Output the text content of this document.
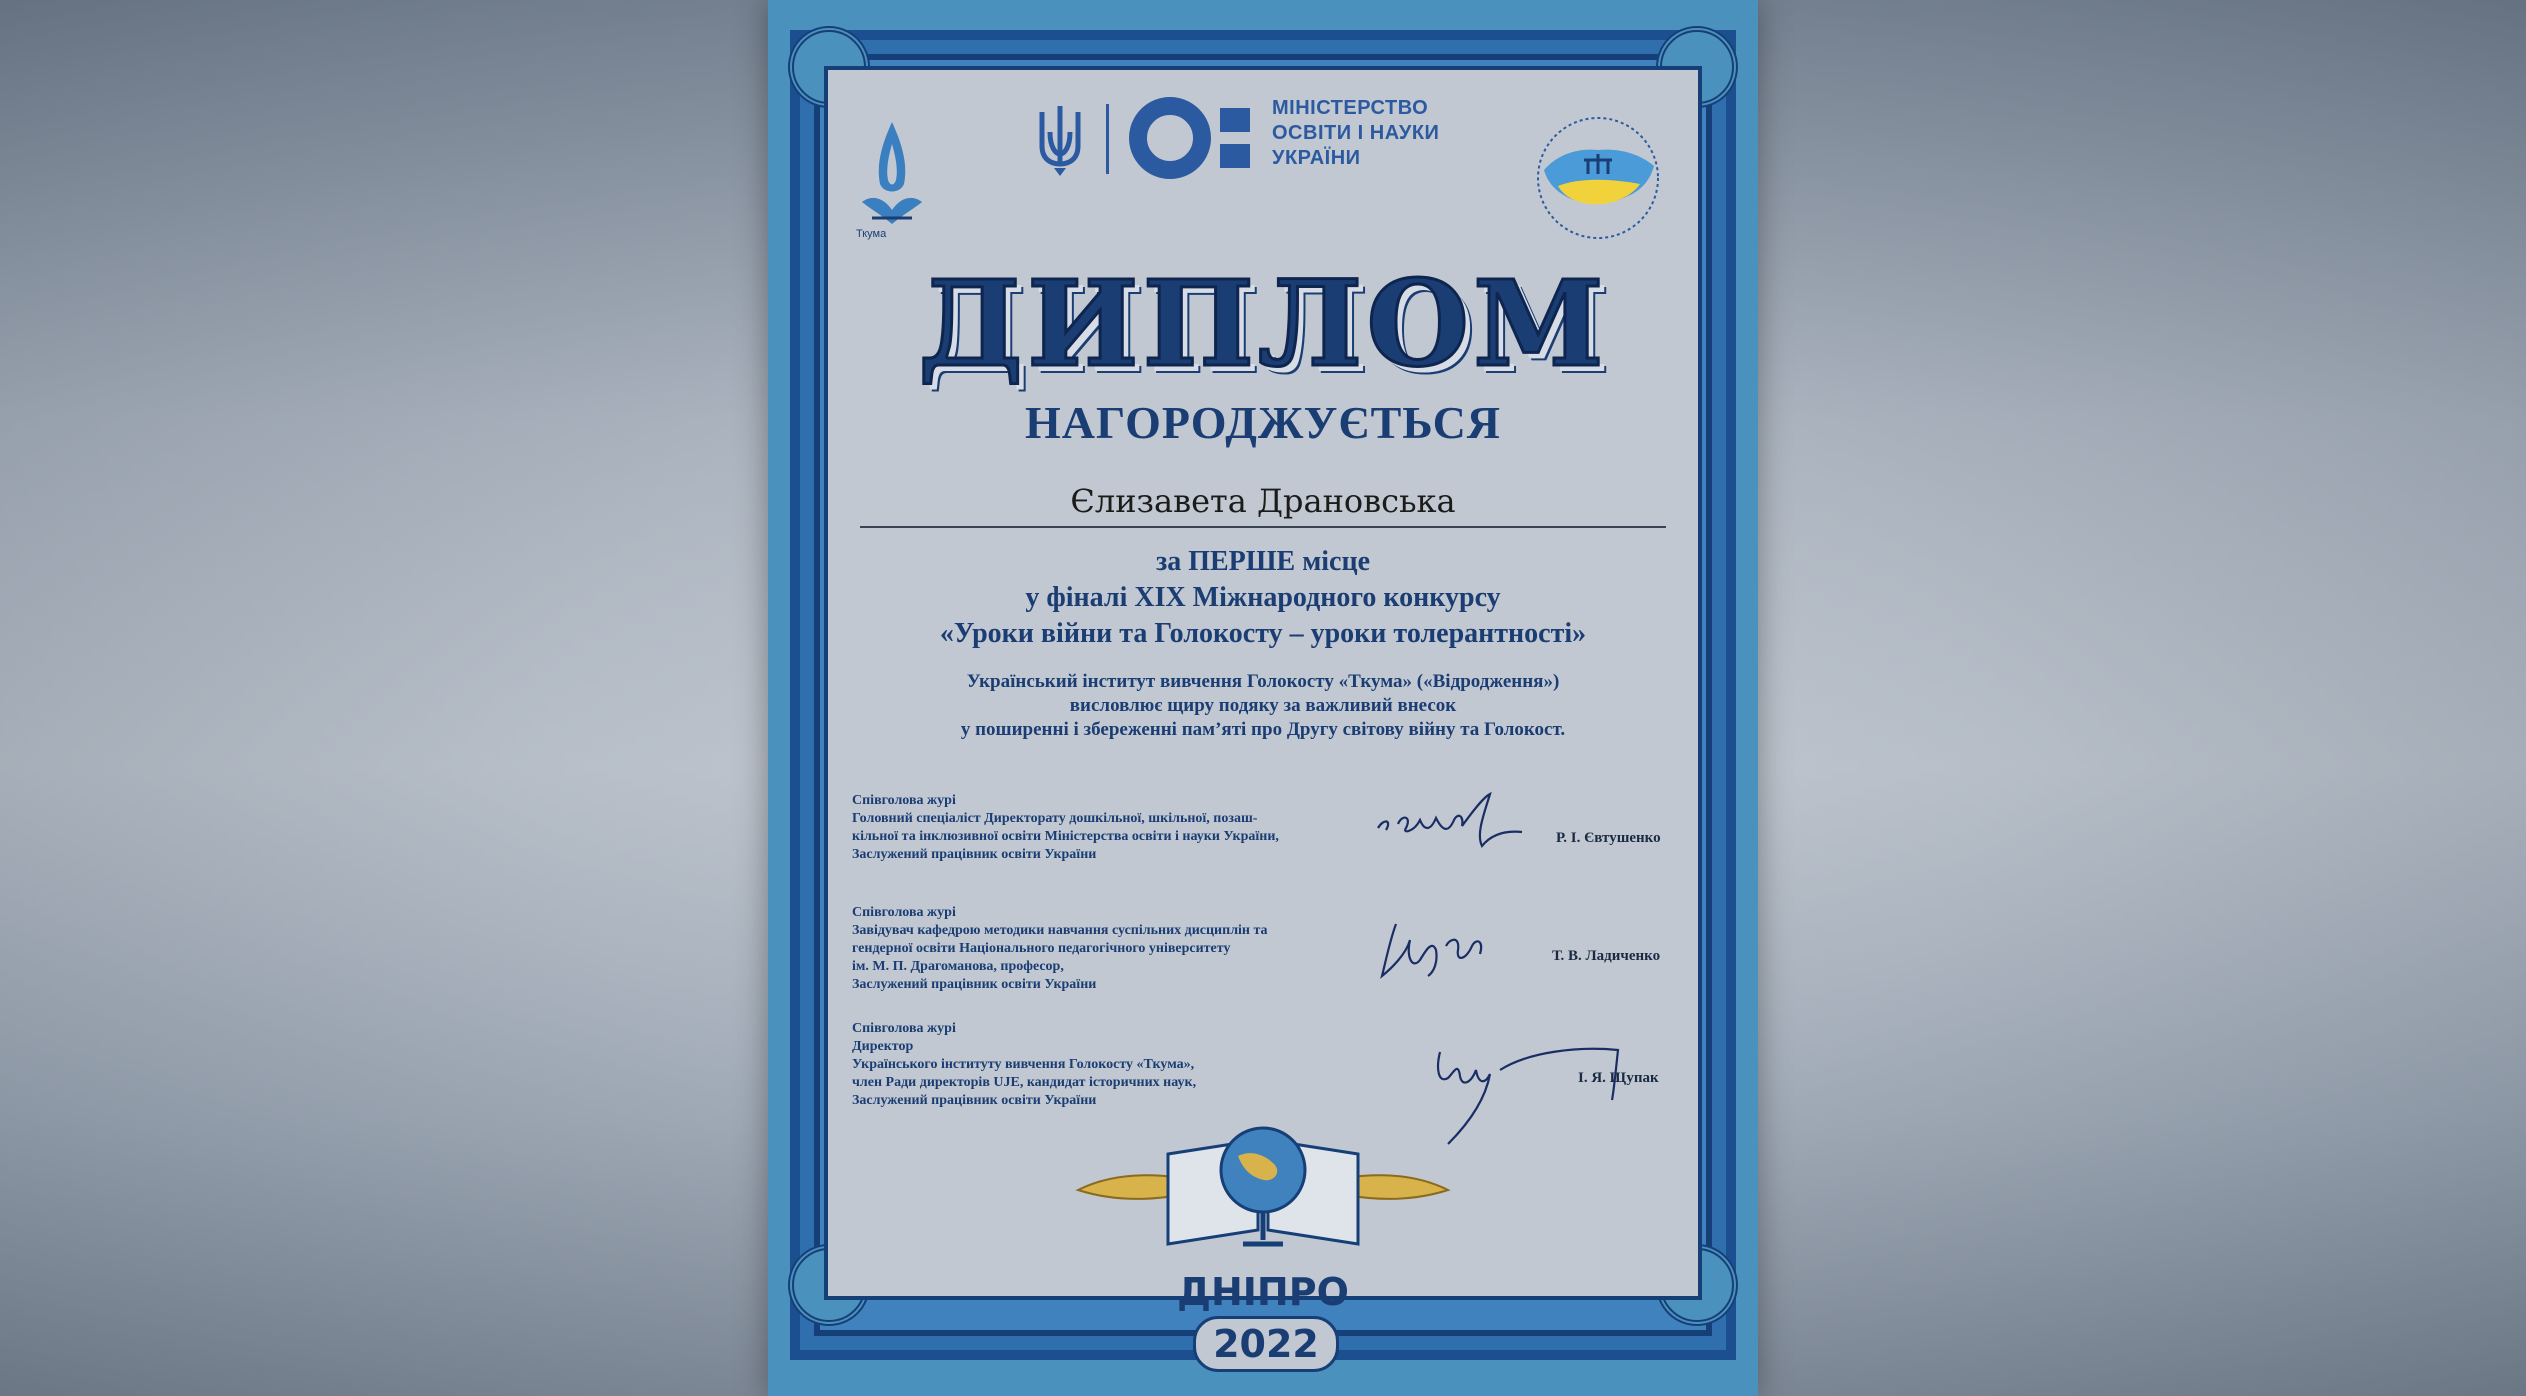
Ткума
МІНІСТЕРСТВО
ОСВІТИ І НАУКИ
УКРАЇНИ
ДИПЛОМ
НАГОРОДЖУЄТЬСЯ
Єлизавета Драновська
за ПЕРШЕ місце
у фіналі XIX Міжнародного конкурсу
«Уроки війни та Голокосту – уроки толерантності»
Український інститут вивчення Голокосту «Ткума» («Відродження»)
висловлює щиру подяку за важливий внесок
у поширенні і збереженні пам’яті про Другу світову війну та Голокост.
Співголова журі
Головний спеціаліст Директорату дошкільної, шкільної, позаш-
кільної та інклюзивної освіти Міністерства освіти і науки України,
Заслужений працівник освіти України
Р. І. Євтушенко
Співголова журі
Завідувач кафедрою методики навчання суспільних дисциплін та
гендерної освіти Національного педагогічного університету
ім. М. П. Драгоманова, професор,
Заслужений працівник освіти України
Т. В. Ладиченко
Співголова журі
Директор
Українського інституту вивчення Голокосту «Ткума»,
член Ради директорів UJE, кандидат історичних наук,
Заслужений працівник освіти України
І. Я. Щупак
ДНІПРО
2022
